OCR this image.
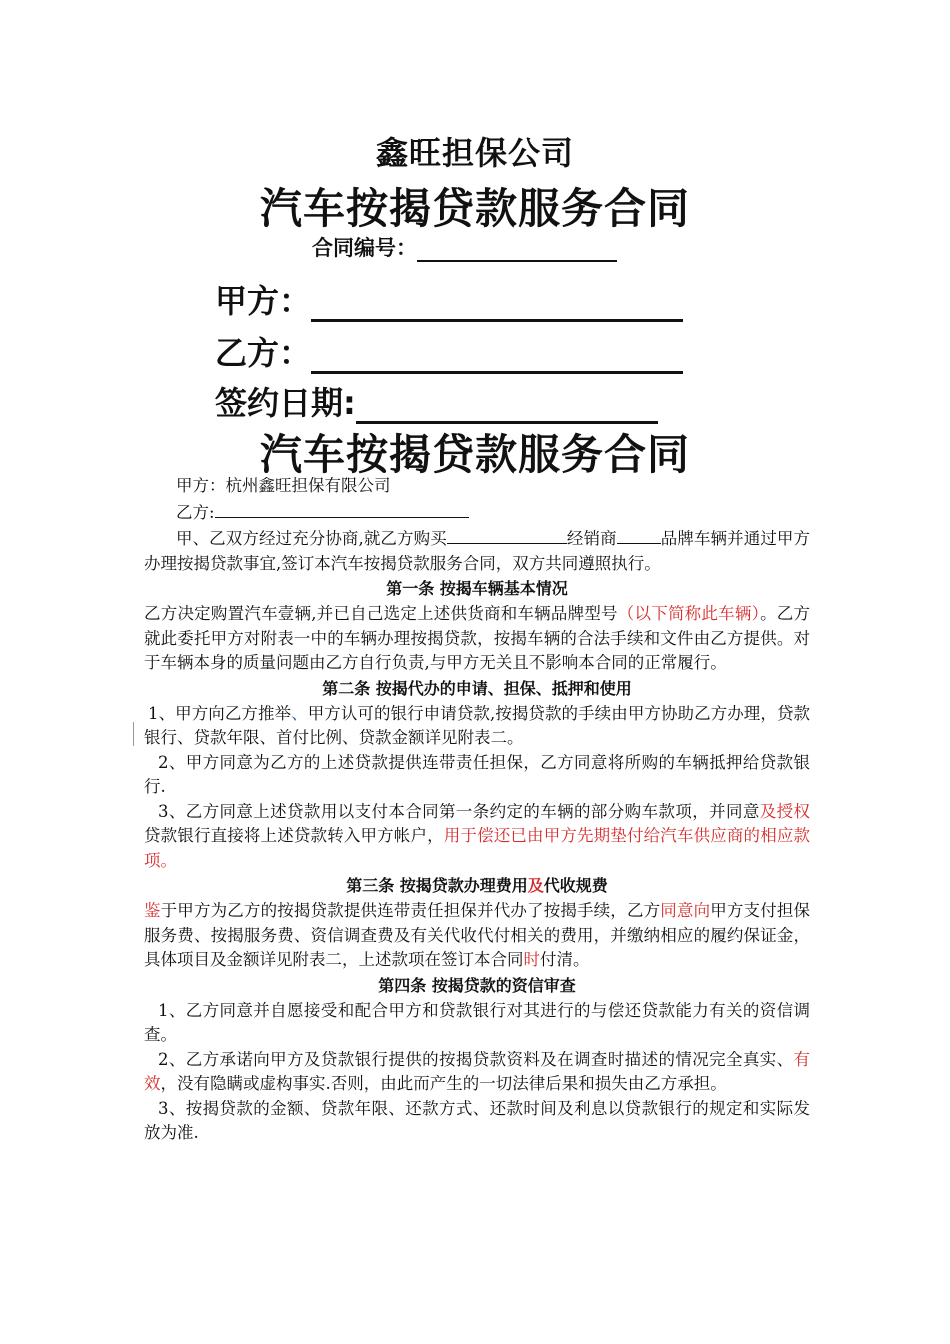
鑫旺担保公司
汽车按揭贷款服务合同
合同编号：
甲方：
乙方：
签约日期:
汽车按揭贷款服务合同

甲方：杭州鑫旺担保有限公司

乙方:

甲、乙双方经过充分协商,就乙方购买	经销商	品牌车辆并通过甲方办理按揭贷款事宜,签订本汽车按揭贷款服务合同，双方共同遵照执行。

第一条 按揭车辆基本情况

乙方决定购置汽车壹辆,并已自己选定上述供货商和车辆品牌型号（以下简称此车辆）。乙方就此委托甲方对附表一中的车辆办理按揭贷款，按揭车辆的合法手续和文件由乙方提供。对于车辆本身的质量问题由乙方自行负责,与甲方无关且不影响本合同的正常履行。

第二条 按揭代办的申请、担保、抵押和使用

1、甲方向乙方推举、甲方认可的银行申请贷款,按揭贷款的手续由甲方协助乙方办理，贷款银行、贷款年限、首付比例、贷款金额详见附表二。

2、甲方同意为乙方的上述贷款提供连带责任担保，乙方同意将所购的车辆抵押给贷款银行.

3、乙方同意上述贷款用以支付本合同第一条约定的车辆的部分购车款项，并同意及授权贷款银行直接将上述贷款转入甲方帐户，用于偿还已由甲方先期垫付给汽车供应商的相应款项。

第三条 按揭贷款办理费用及代收规费

鉴于甲方为乙方的按揭贷款提供连带责任担保并代办了按揭手续，乙方同意向甲方支付担保服务费、按揭服务费、资信调查费及有关代收代付相关的费用，并缴纳相应的履约保证金，具体项目及金额详见附表二，上述款项在签订本合同时付清。

第四条 按揭贷款的资信审查

1、乙方同意并自愿接受和配合甲方和贷款银行对其进行的与偿还贷款能力有关的资信调查。

2、乙方承诺向甲方及贷款银行提供的按揭贷款资料及在调查时描述的情况完全真实、有效，没有隐瞒或虚构事实.否则，由此而产生的一切法律后果和损失由乙方承担。

3、按揭贷款的金额、贷款年限、还款方式、还款时间及利息以贷款银行的规定和实际发放为准.
